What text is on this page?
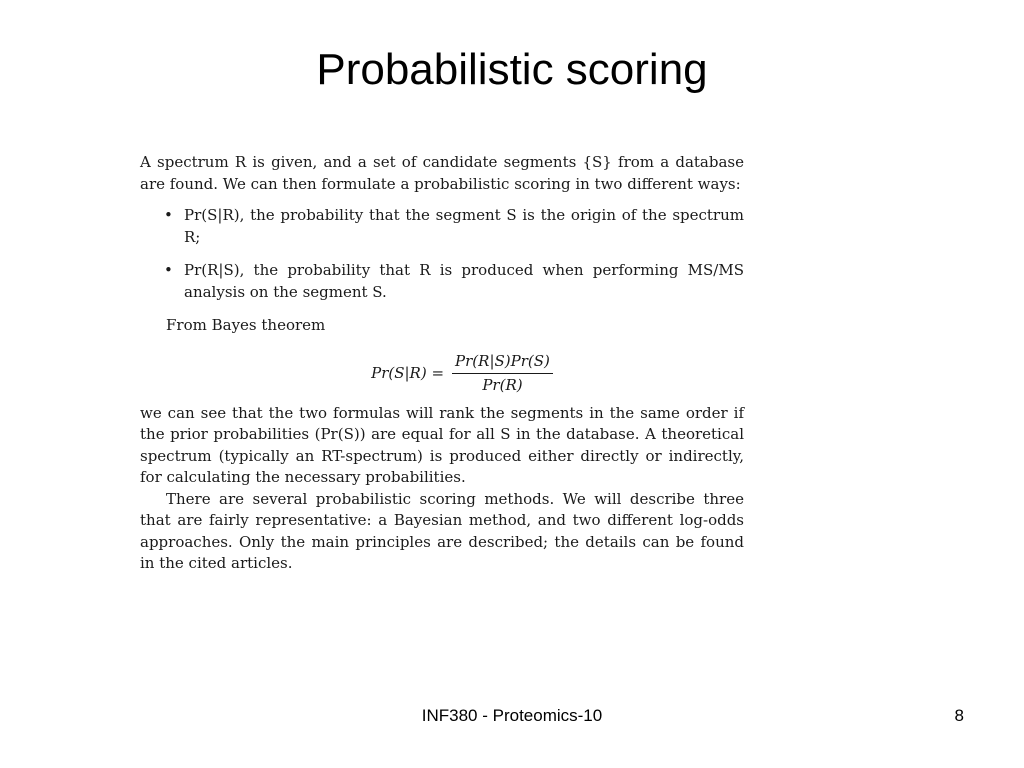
Probabilistic scoring

A spectrum R is given, and a set of candidate segments {S} from a database are found. We can then formulate a probabilistic scoring in two different ways:

• Pr(S|R), the probability that the segment S is the origin of the spectrum R;
• Pr(R|S), the probability that R is produced when performing MS/MS analysis on the segment S.

From Bayes theorem

$Pr(S|R) = \frac{Pr(R|S)Pr(S)}{Pr(R)}$

we can see that the two formulas will rank the segments in the same order if the prior probabilities (Pr(S)) are equal for all S in the database. A theoretical spectrum (typically an RT-spectrum) is produced either directly or indirectly, for calculating the necessary probabilities.

There are several probabilistic scoring methods. We will describe three that are fairly representative: a Bayesian method, and two different log-odds approaches. Only the main principles are described; the details can be found in the cited articles.

INF380 - Proteomics-10	8
